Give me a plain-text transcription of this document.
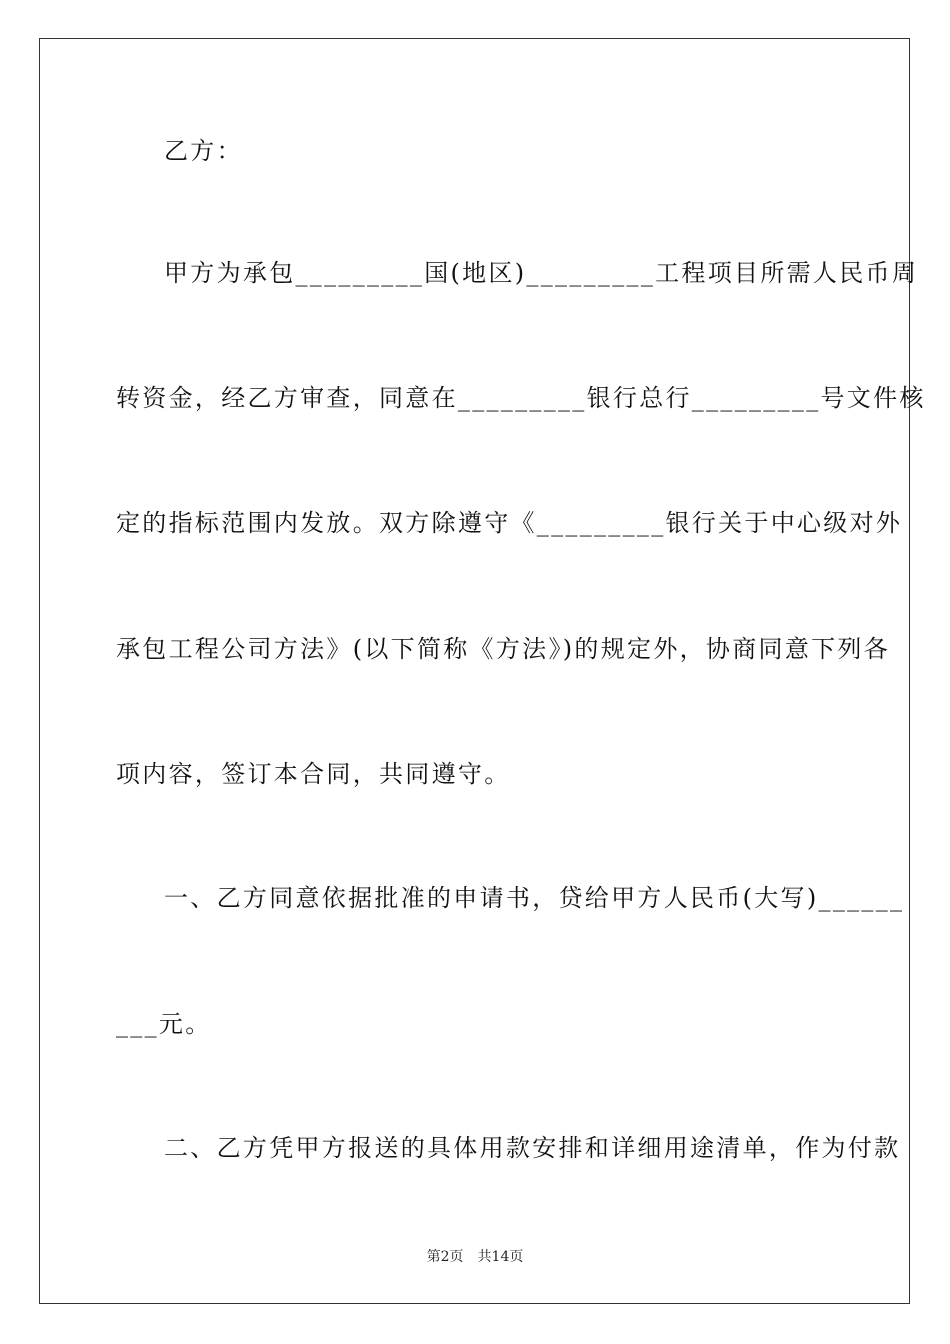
乙方：
甲方为承包_________国(地区)_________工程项目所需人民币周
转资金，经乙方审查，同意在_________银行总行_________号文件核
定的指标范围内发放。双方除遵守《_________银行关于中心级对外
承包工程公司方法》(以下简称《方法》)的规定外，协商同意下列各
项内容，签订本合同，共同遵守。
一、乙方同意依据批准的申请书，贷给甲方人民币(大写)______
___元。
二、乙方凭甲方报送的具体用款安排和详细用途清单，作为付款
第2页 共14页
